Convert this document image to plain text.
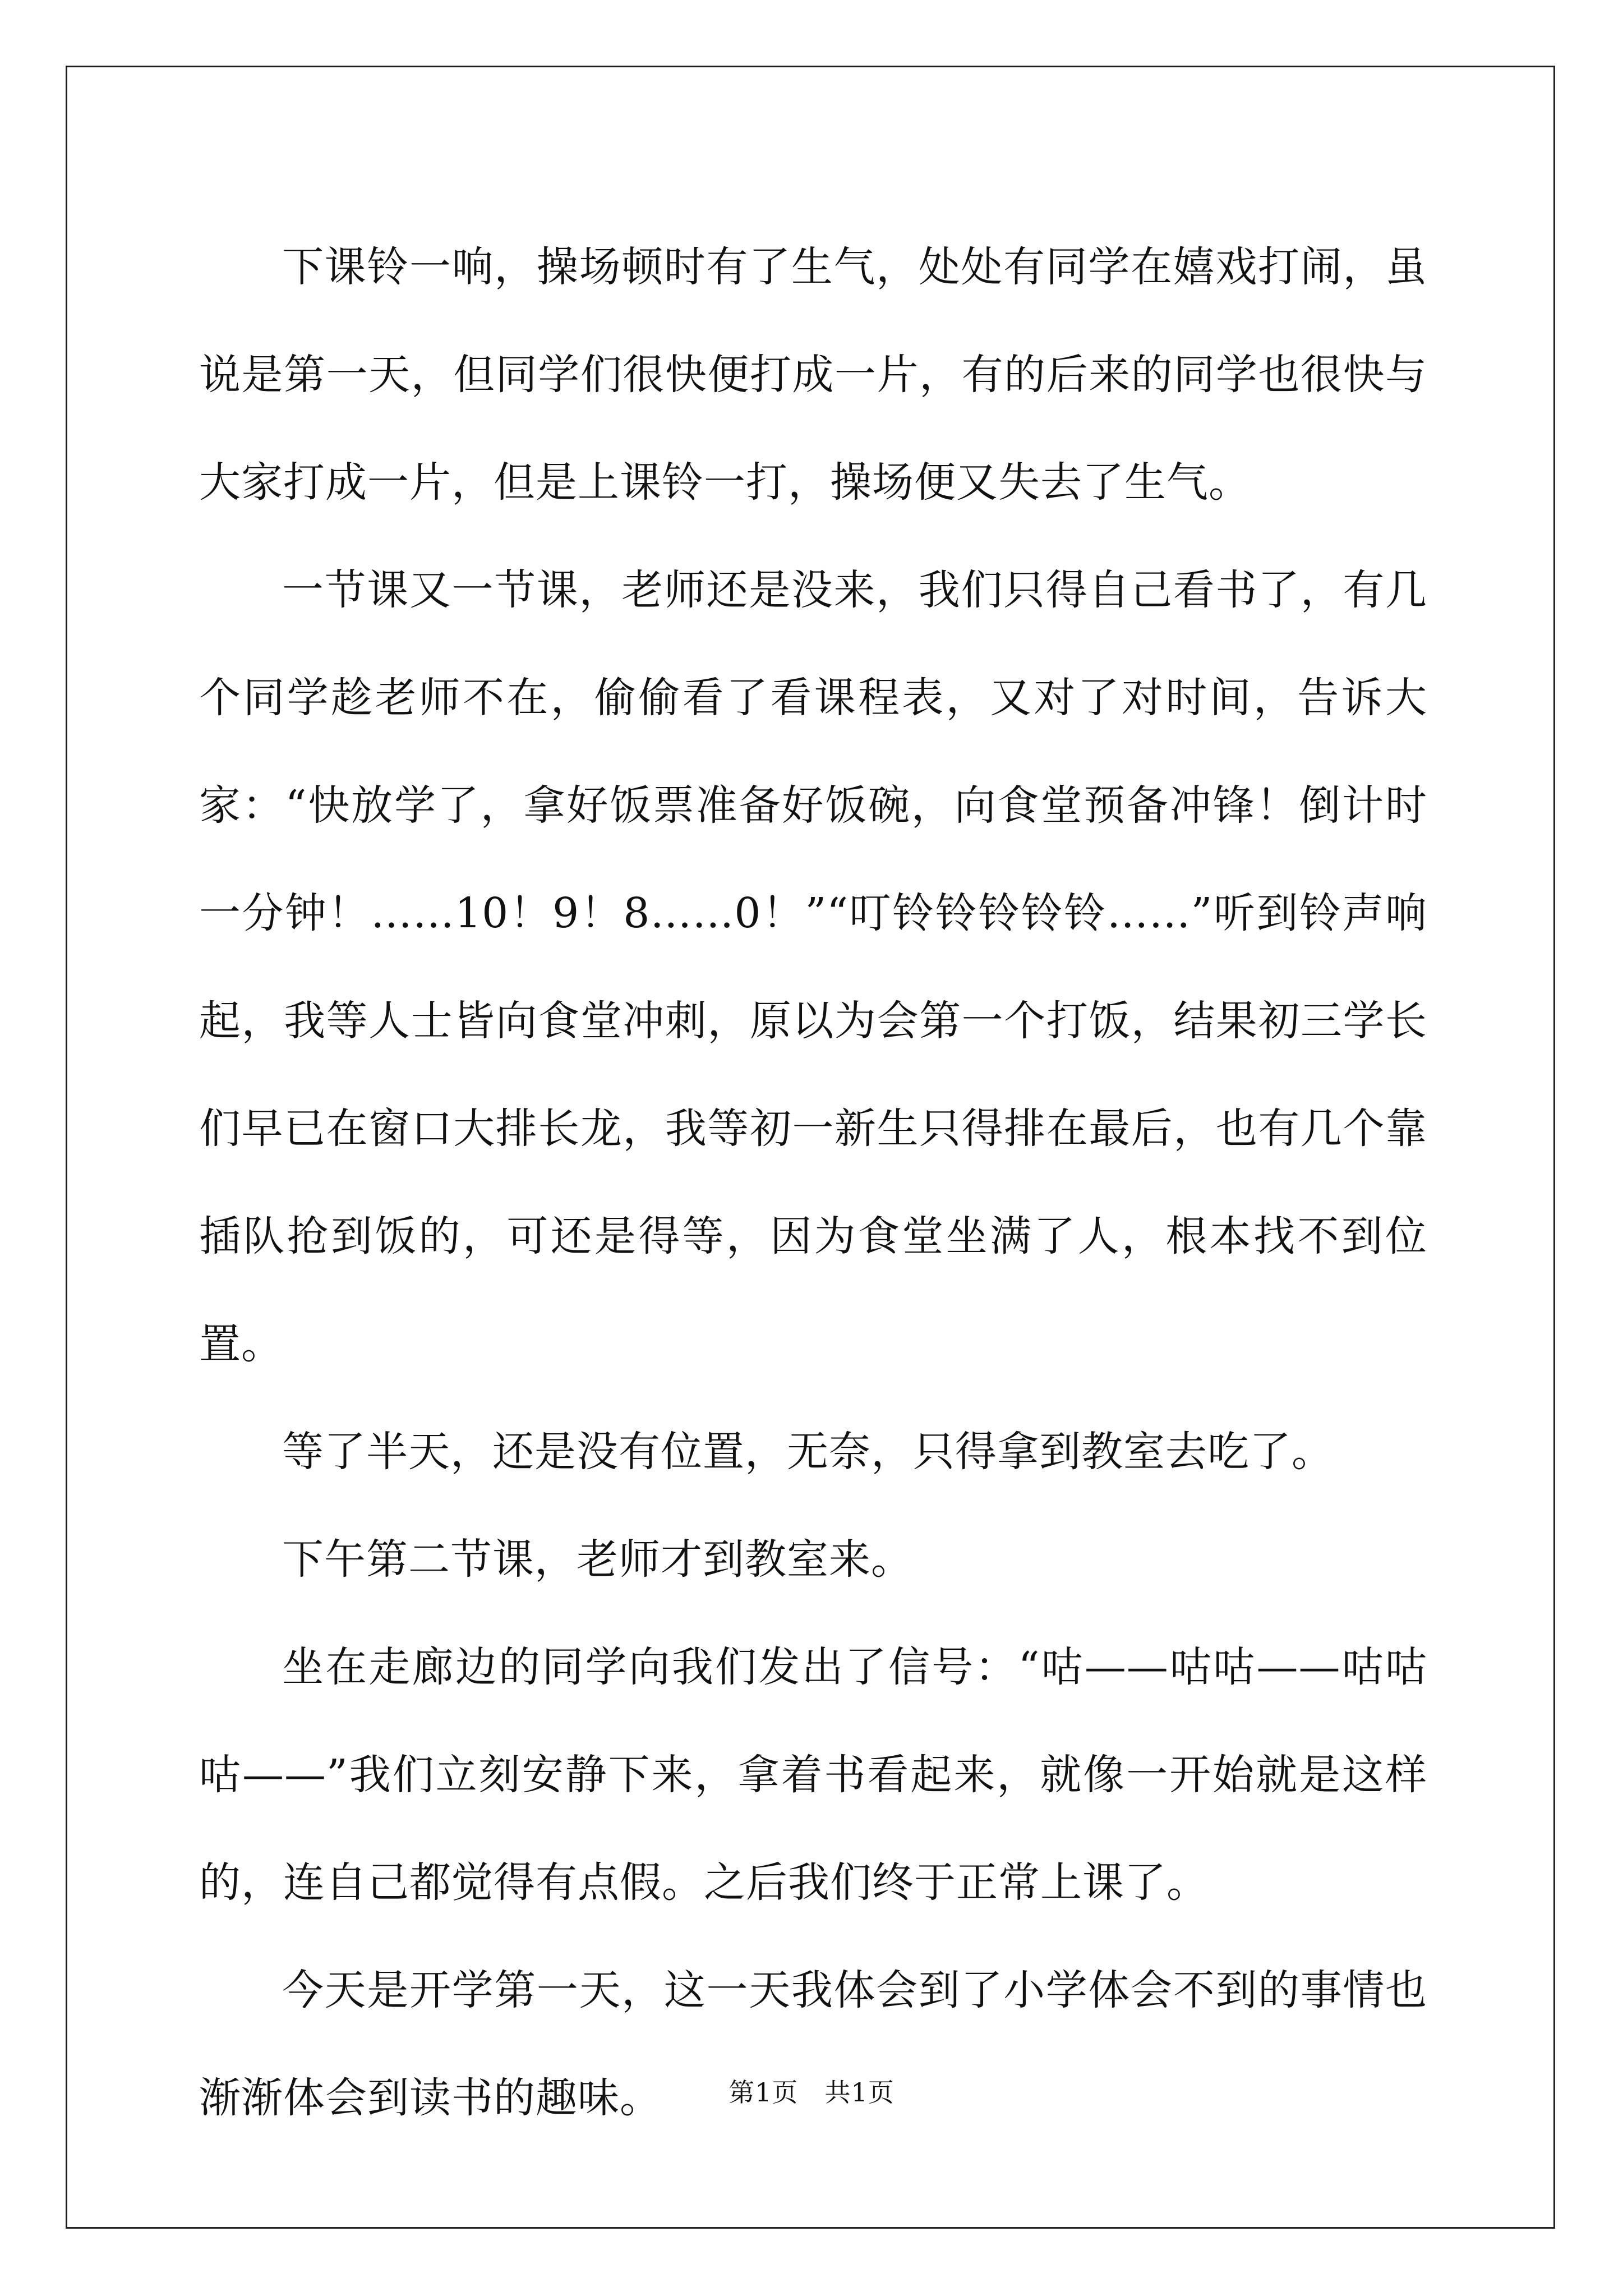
下课铃一响，操场顿时有了生气，处处有同学在嬉戏打闹，虽说是第一天，但同学们很快便打成一片，有的后来的同学也很快与大家打成一片，但是上课铃一打，操场便又失去了生气。

一节课又一节课，老师还是没来，我们只得自己看书了，有几个同学趁老师不在，偷偷看了看课程表，又对了对时间，告诉大家：“快放学了，拿好饭票准备好饭碗，向食堂预备冲锋！倒计时一分钟！……10！9！8……0！”“叮铃铃铃铃铃……”听到铃声响起，我等人士皆向食堂冲刺，原以为会第一个打饭，结果初三学长们早已在窗口大排长龙，我等初一新生只得排在最后，也有几个靠插队抢到饭的，可还是得等，因为食堂坐满了人，根本找不到位置。

等了半天，还是没有位置，无奈，只得拿到教室去吃了。

下午第二节课，老师才到教室来。

坐在走廊边的同学向我们发出了信号：“咕——咕咕——咕咕咕——”我们立刻安静下来，拿着书看起来，就像一开始就是这样的，连自己都觉得有点假。之后我们终于正常上课了。

今天是开学第一天，这一天我体会到了小学体会不到的事情也渐渐体会到读书的趣味。	第1页　共1页
